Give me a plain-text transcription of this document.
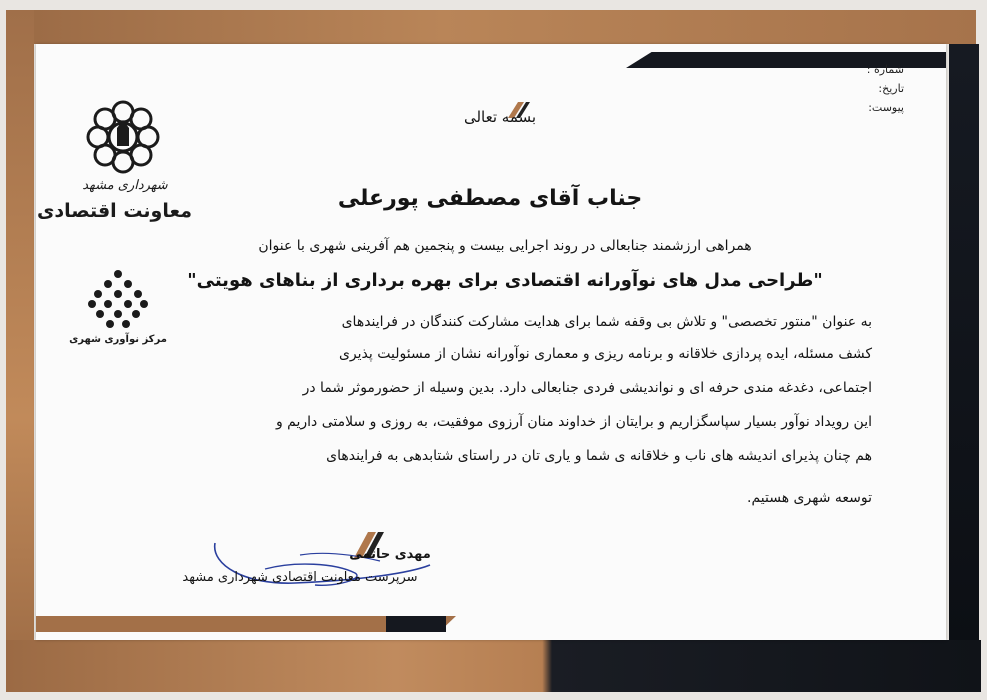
شماره :
تاریخ:
پیوست:
بسمه تعالی
شهرداری مشهد
معاونت اقتصادی
مرکز نوآوری شهری
جناب آقای مصطفی پورعلی
همراهی ارزشمند جنابعالی در روند اجرایی بیست و پنجمین هم آفرینی شهری با عنوان
"طراحی مدل های نوآورانه اقتصادی برای بهره برداری از بناهای هویتی"
به عنوان "منتور تخصصی" و تلاش بی وقفه شما برای هدایت مشارکت کنندگان در فرایندهای
کشف مسئله، ایده پردازی خلاقانه و برنامه ریزی و معماری نوآورانه نشان از مسئولیت پذیری
اجتماعی، دغدغه مندی حرفه ای و نواندیشی فردی جنابعالی دارد. بدین وسیله از حضورموثر شما در
این رویداد نوآور بسیار سپاسگزاریم و برایتان از خداوند منان آرزوی موفقیت، به روزی و سلامتی داریم و
هم چنان پذیرای اندیشه های ناب و خلاقانه ی شما و یاری تان در راستای شتابدهی به فرایندهای
توسعه شهری هستیم.
مهدی حاتمی
سرپرست معاونت اقتصادی شهرداری مشهد
